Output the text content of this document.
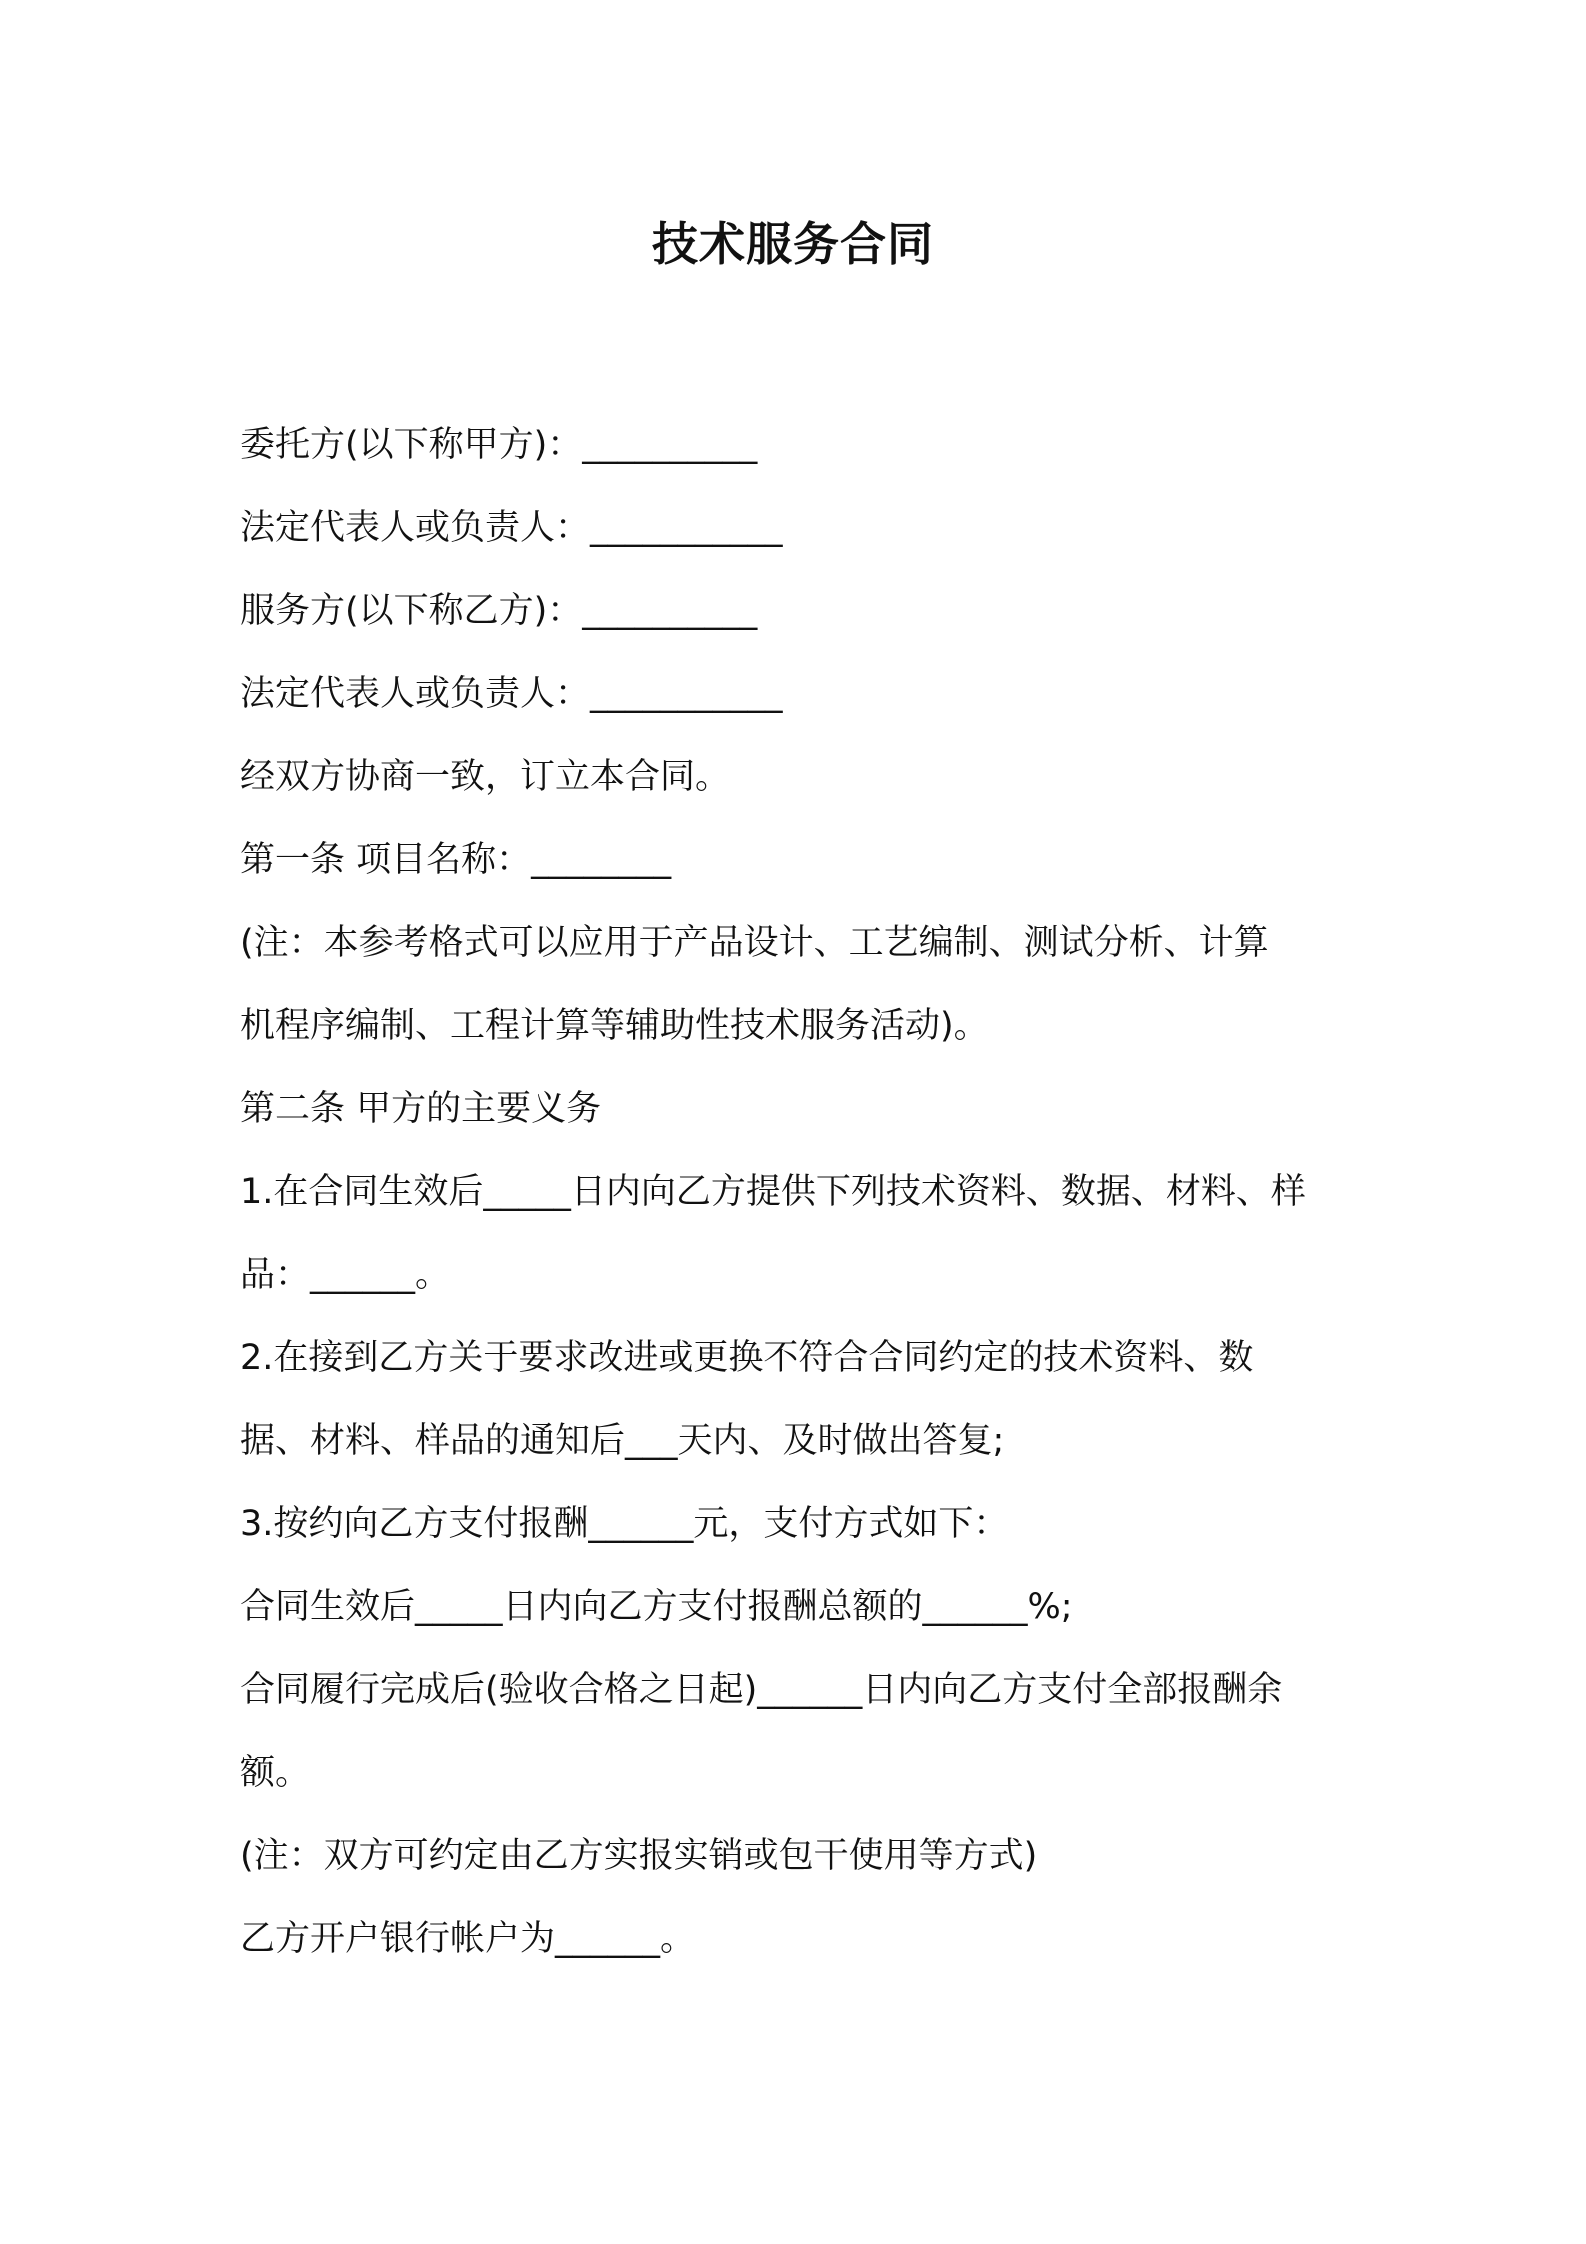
技术服务合同

委托方(以下称甲方)：__________

法定代表人或负责人：___________

服务方(以下称乙方)：__________

法定代表人或负责人：___________

经双方协商一致，订立本合同。

第一条 项目名称：________

(注：本参考格式可以应用于产品设计、工艺编制、测试分析、计算

机程序编制、工程计算等辅助性技术服务活动)。

第二条 甲方的主要义务

1.在合同生效后_____日内向乙方提供下列技术资料、数据、材料、样

品：______。

2.在接到乙方关于要求改进或更换不符合合同约定的技术资料、数

据、材料、样品的通知后___天内、及时做出答复;

3.按约向乙方支付报酬______元，支付方式如下：

合同生效后_____日内向乙方支付报酬总额的______%;

合同履行完成后(验收合格之日起)______日内向乙方支付全部报酬余

额。

(注：双方可约定由乙方实报实销或包干使用等方式)

乙方开户银行帐户为______。
